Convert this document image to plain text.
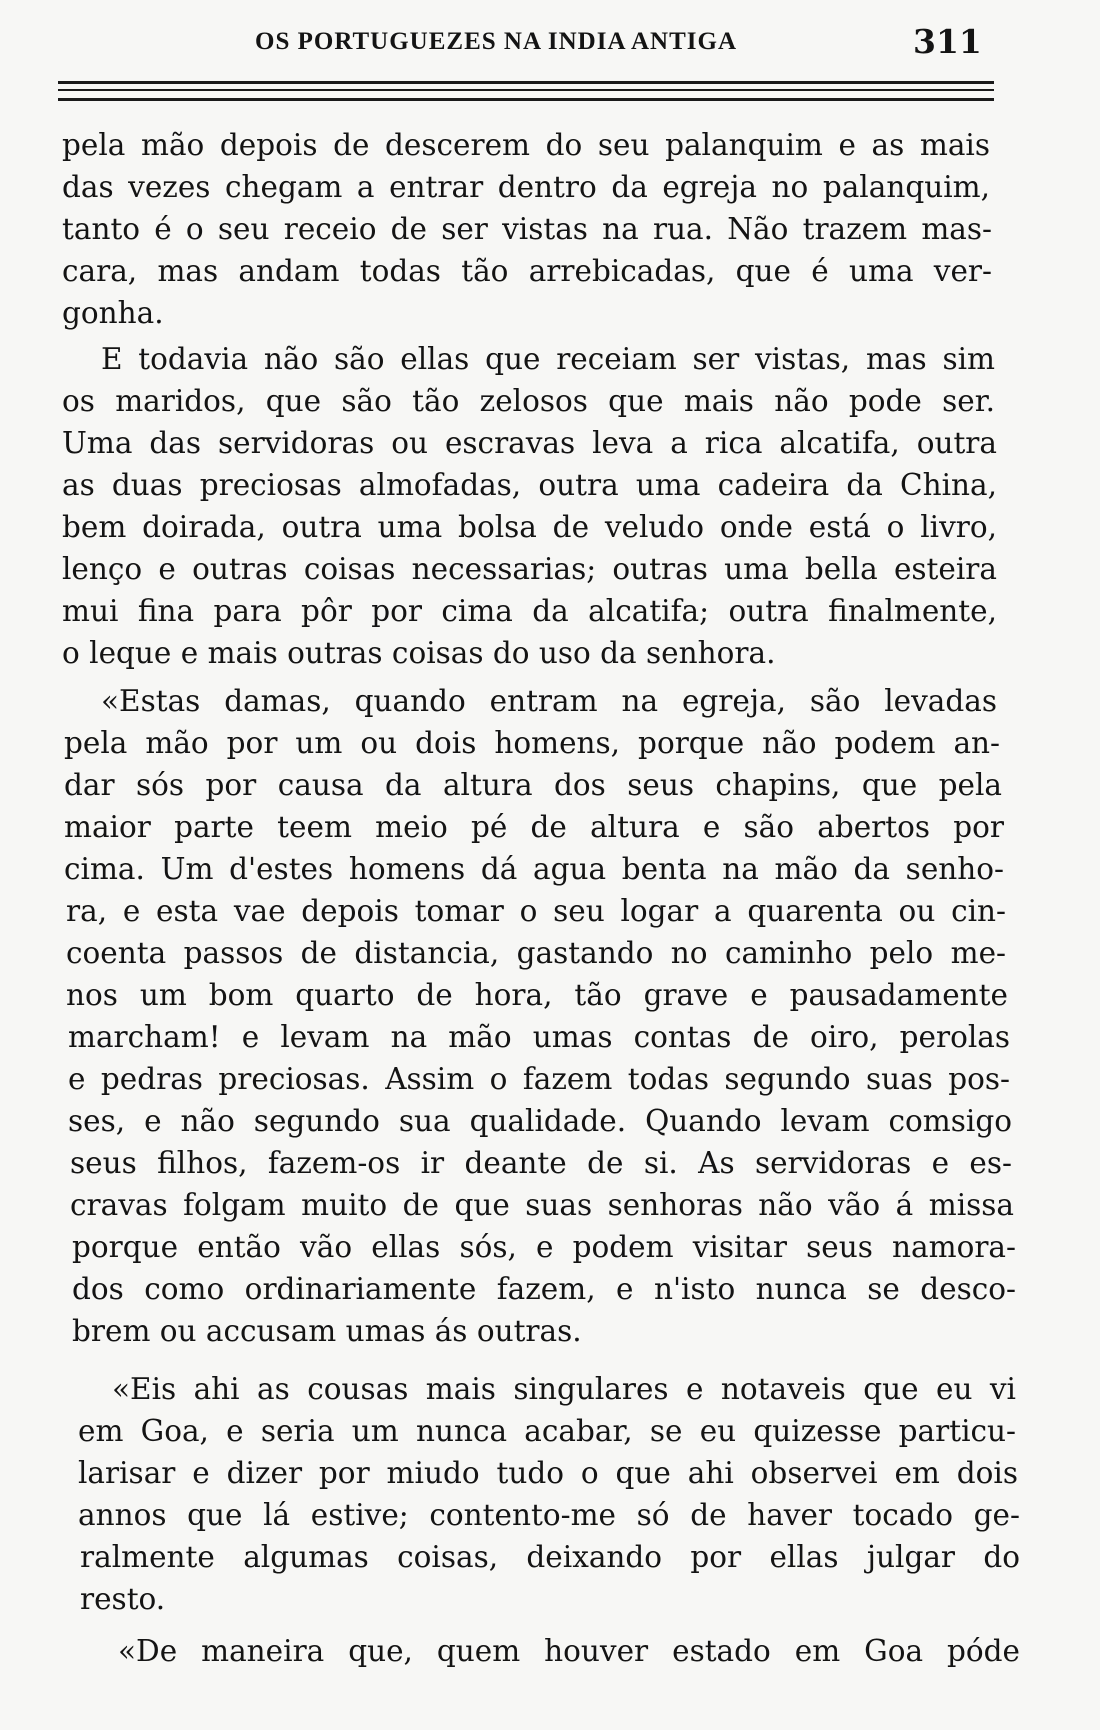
OS PORTUGUEZES NA INDIA ANTIGA	311
pela mão depois de descerem do seu palanquim e as mais
das vezes chegam a entrar dentro da egreja no palanquim,
tanto é o seu receio de ser vistas na rua. Não trazem mas-
cara, mas andam todas tão arrebicadas, que é uma ver-
gonha.
E todavia não são ellas que receiam ser vistas, mas sim
os maridos, que são tão zelosos que mais não pode ser.
Uma das servidoras ou escravas leva a rica alcatifa, outra
as duas preciosas almofadas, outra uma cadeira da China,
bem doirada, outra uma bolsa de veludo onde está o livro,
lenço e outras coisas necessarias; outras uma bella esteira
mui fina para pôr por cima da alcatifa; outra finalmente,
o leque e mais outras coisas do uso da senhora.
«Estas damas, quando entram na egreja, são levadas
pela mão por um ou dois homens, porque não podem an-
dar sós por causa da altura dos seus chapins, que pela
maior parte teem meio pé de altura e são abertos por
cima. Um d'estes homens dá agua benta na mão da senho-
ra, e esta vae depois tomar o seu logar a quarenta ou cin-
coenta passos de distancia, gastando no caminho pelo me-
nos um bom quarto de hora, tão grave e pausadamente
marcham! e levam na mão umas contas de oiro, perolas
e pedras preciosas. Assim o fazem todas segundo suas pos-
ses, e não segundo sua qualidade. Quando levam comsigo
seus filhos, fazem-os ir deante de si. As servidoras e es-
cravas folgam muito de que suas senhoras não vão á missa
porque então vão ellas sós, e podem visitar seus namora-
dos como ordinariamente fazem, e n'isto nunca se desco-
brem ou accusam umas ás outras.
«Eis ahi as cousas mais singulares e notaveis que eu vi
em Goa, e seria um nunca acabar, se eu quizesse particu-
larisar e dizer por miudo tudo o que ahi observei em dois
annos que lá estive; contento-me só de haver tocado ge-
ralmente algumas coisas, deixando por ellas julgar do
resto.
«De maneira que, quem houver estado em Goa póde
